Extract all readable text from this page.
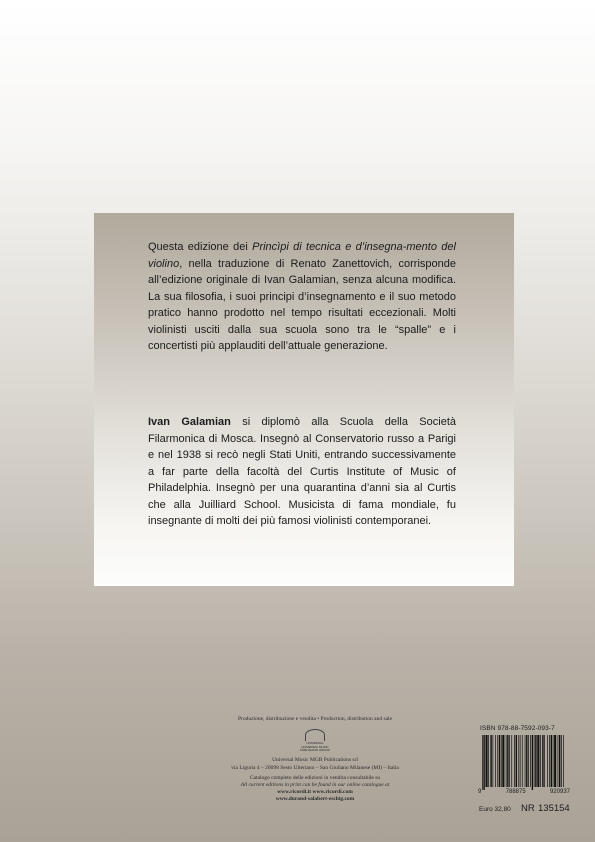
Questa edizione dei Princìpi di tecnica e d’insegna-mento del violino, nella traduzione di Renato Zanettovich, corrisponde all’edizione originale di Ivan Galamian, senza alcuna modifica. La sua filosofia, i suoi principi d’insegnamento e il suo metodo pratico hanno prodotto nel tempo risultati eccezionali. Molti violinisti usciti dalla sua scuola sono tra le “spalle” e i concertisti più applauditi dell’attuale generazione.

Ivan Galamian si diplomò alla Scuola della Società Filarmonica di Mosca. Insegnò al Conservatorio russo a Parigi e nel 1938 si recò negli Stati Uniti, entrando successivamente a far parte della facoltà del Curtis Institute of Music of Philadelphia. Insegnò per una quarantina d’anni sia al Curtis che alla Juilliard School. Musicista di fama mondiale, fu insegnante di molti dei più famosi violinisti contemporanei.

Produzione, distribuzione e vendita • Production, distribution and sale
UNIVERSAL
UNIVERSAL MUSIC PUBLISHING GROUP
Universal Music MGB Publications srl
via Liguria 4 – 20098 Sesto Ulteriano – San Giuliano Milanese (MI) – Italia
Catalogo completo delle edizioni in vendita consultabile su
All current editions in print can be found in our online catalogue at
www.ricordi.it www.ricordi.com
www.durand-salabert-eschig.com
ISBN 978-88-7592-093-7
9	788875	920937
Euro 32,80 NR 135154
